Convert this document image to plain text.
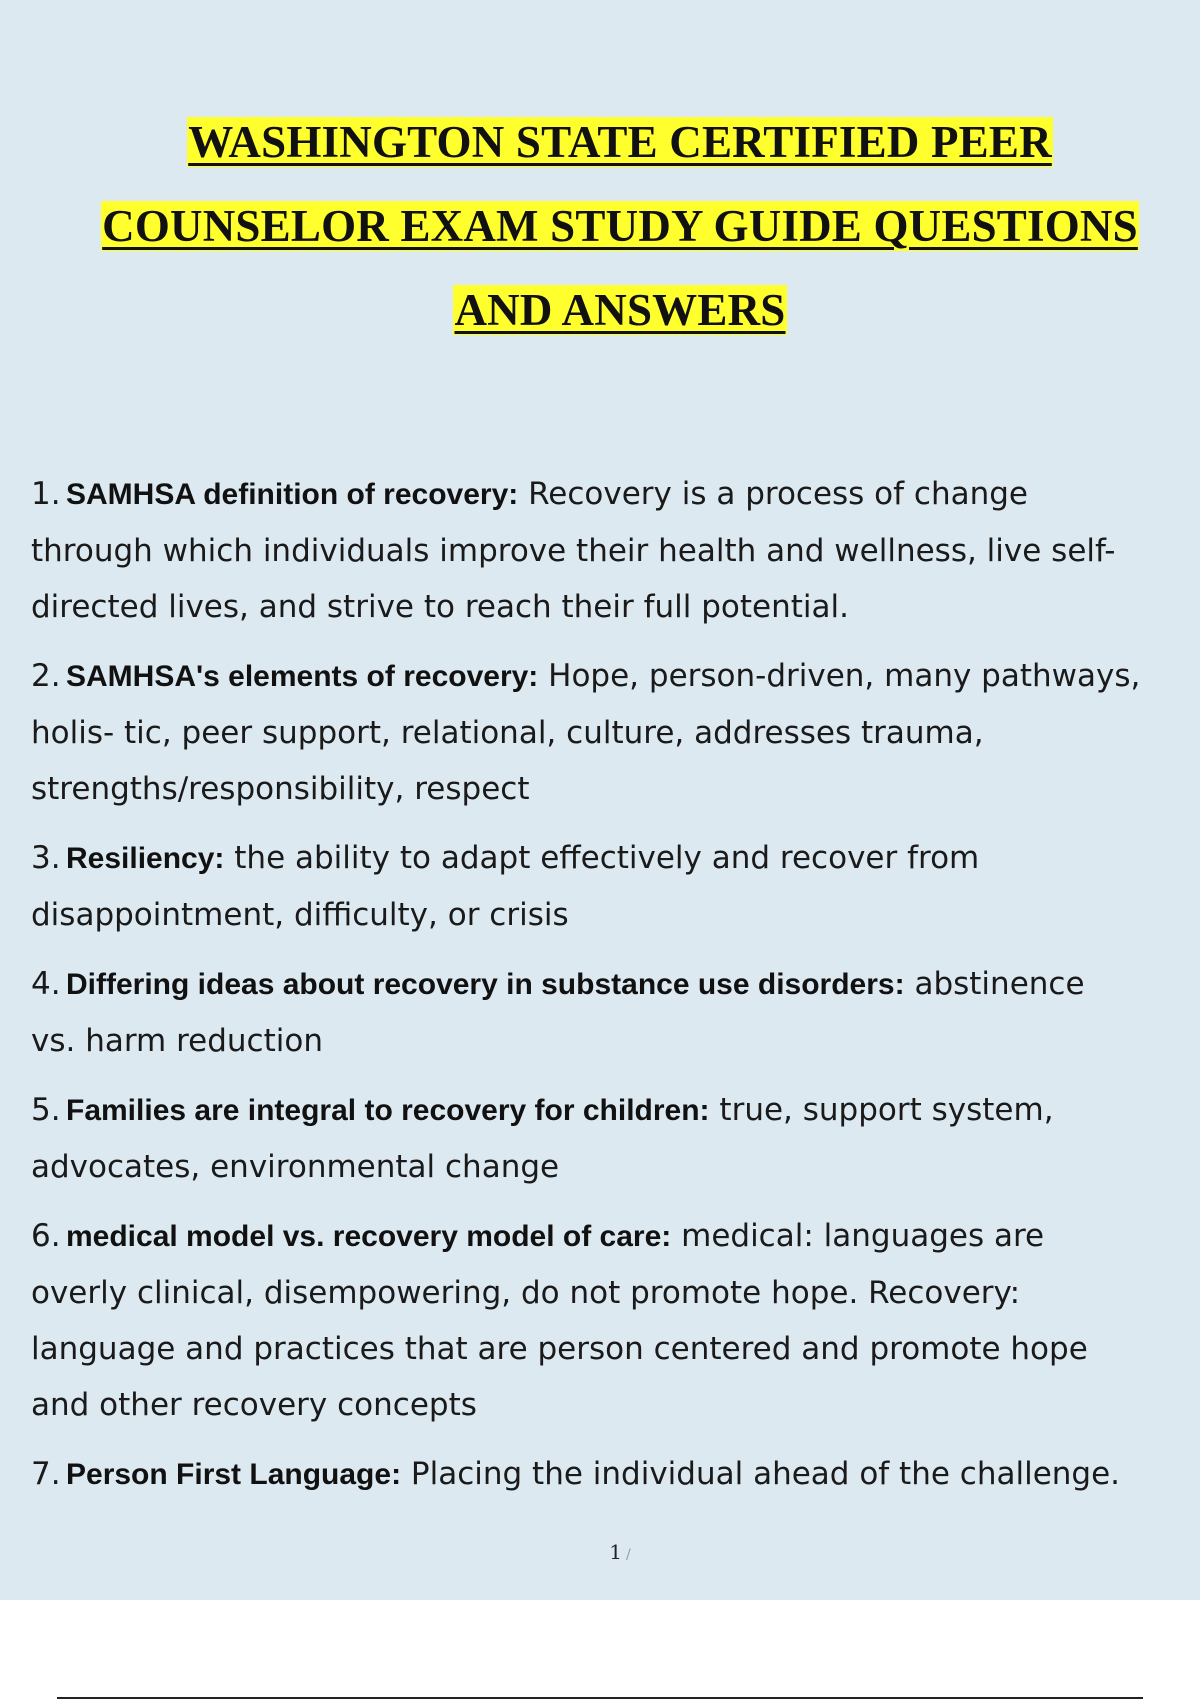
WASHINGTON STATE CERTIFIED PEER
COUNSELOR EXAM STUDY GUIDE QUESTIONS
AND ANSWERS
1. SAMHSA definition of recovery: Recovery is a process of change
through which individuals improve their health and wellness, live self-
directed lives, and strive to reach their full potential.
2. SAMHSA's elements of recovery: Hope, person-driven, many pathways,
holis- tic, peer support, relational, culture, addresses trauma,
strengths/responsibility, respect
3. Resiliency: the ability to adapt effectively and recover from
disappointment, difficulty, or crisis
4. Differing ideas about recovery in substance use disorders: abstinence
vs. harm reduction
5. Families are integral to recovery for children: true, support system,
advocates, environmental change
6. medical model vs. recovery model of care: medical: languages are
overly clinical, disempowering, do not promote hope. Recovery:
language and practices that are person centered and promote hope
and other recovery concepts
7. Person First Language: Placing the individual ahead of the challenge.
1 /
